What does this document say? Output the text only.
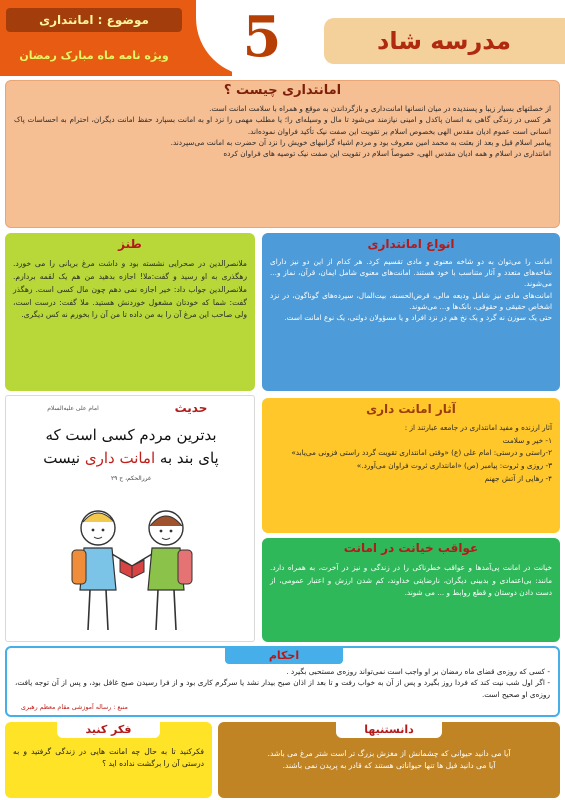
موضوع : امانتداری
ویژه نامه ماه مبارک رمضان	5	مدرسه شاد
امانتداری چیست ؟

از خصلتهای بسیار زیبا و پسندیده در میان انسانها امانت‌داری و بازگرداندن به موقع و همراه با سلامت امانت است.

هر کسی در زندگی گاهی به انسان پاکدل و امینی نیازمند می‌شود تا مال و وسیله‌ای را؛ یا مطلب مهمی را نزد او به امانت بسپارد حفظ امانت دیگران، احترام به احساسات پاک انسانی است عموم ادیان مقدس الهی بخصوص اسلام بر تقویت این صفت نیک تأکید فراوان نموده‌اند.

پیامبر اسلام قبل و بعد از بعثت به محمد امین معروف بود و مردم اشیاء گرانبهای خویش را نزد آن حضرت به امانت می‌سپردند.

امانتداری در اسلام و همه ادیان مقدس الهی، خصوصاً اسلام در تقویت این صفت نیک توصیه های فراوان کرده

انواع امانتداری

امانت را می‌توان به دو شاخه معنوی و مادی تقسیم کرد. هر کدام از این دو نیز دارای شاخه‌های متعدد و آثار متناسب با خود هستند. امانت‌های معنوی شامل ایمان، قرآن، نماز و... می‌شوند.

امانت‌های مادی نیز شامل ودیعه مالی، قرض‌الحسنه، بیت‌المال، سپرده‌های گوناگون، در نزد اشخاص حقیقی و حقوقی، بانک‌ها و... می‌شوند.

حتی یک سوزن نه گرد و یک نخ هم در نزد افراد و یا مسؤولان دولتی، یک نوع امانت است.

طنز
ملانصرالدین در صحرایی نشسته بود و داشت مرغ بریانی را می خورد. رهگذری به او رسید و گفت:ملا! اجازه بدهید من هم یک لقمه بردارم. ملانصرالدین جواب داد: خیر اجازه نمی دهم چون مال کسی است. رهگذر گفت: شما که خودتان مشغول خوردنش هستید. ملا گفت: درست است، ولی صاحب این مرغ آن را به من داده تا من آن را بخورم نه کس دیگری.
حدیث
امام علی علیه‌السلام
بدترین مردم کسی است که
پای بند به امانت داری نیست
غررالحکم، ح ۲۹
آثار امانت داری

آثار ارزنده و مفید امانتداری در جامعه عبارتند از :

۱- خیر و سلامت

۲-راستی و درستی: امام علی (ع) «وقتی امانتداری تقویت گردد راستی فزونی می‌یابد»

۳- روزی و ثروت: پیامبر (ص) «امانتداری ثروت فراوان می‌آورد.»

۴- رهایی از آتش جهنم

عواقب خیانت در امانت
خیانت در امانت پی‌آمدها و عواقب خطرناکی را در زندگی و نیز در آخرت، به همراه دارد. مانند: بی‌اعتمادی و بدبینی دیگران، نارضایتی خداوند، کم شدن ارزش و اعتبار عمومی، از دست دادن دوستان و قطع روابط و ... می شوند.
احکام

- کسی که روزه‌ی قضای ماه رمضان بر او واجب است نمی‌تواند روزه‌ی مستحبی بگیرد .

- اگر اول شب نیت کند که فردا روز بگیرد و پس از آن به خواب رفت و تا بعد از اذان صبح بیدار نشد یا سرگرم کاری بود و از فرا رسیدن صبح غافل بود، و پس از آن توجه یافت، روزه‌ی او صحیح است.

منبع : رساله آموزشی مقام معظم رهبری
فکر کنید
فکرکنید تا به حال چه امانت هایی در زندگی گرفتید و به درستی آن را برگشت نداده اید ؟
دانستنیها

آیا می دانید حیوانی که چشمانش از مغزش بزرگ تر است شتر مرغ می باشد.

آیا می دانید فیل ها تنها حیواناتی هستند که قادر به پریدن نمی باشند.
